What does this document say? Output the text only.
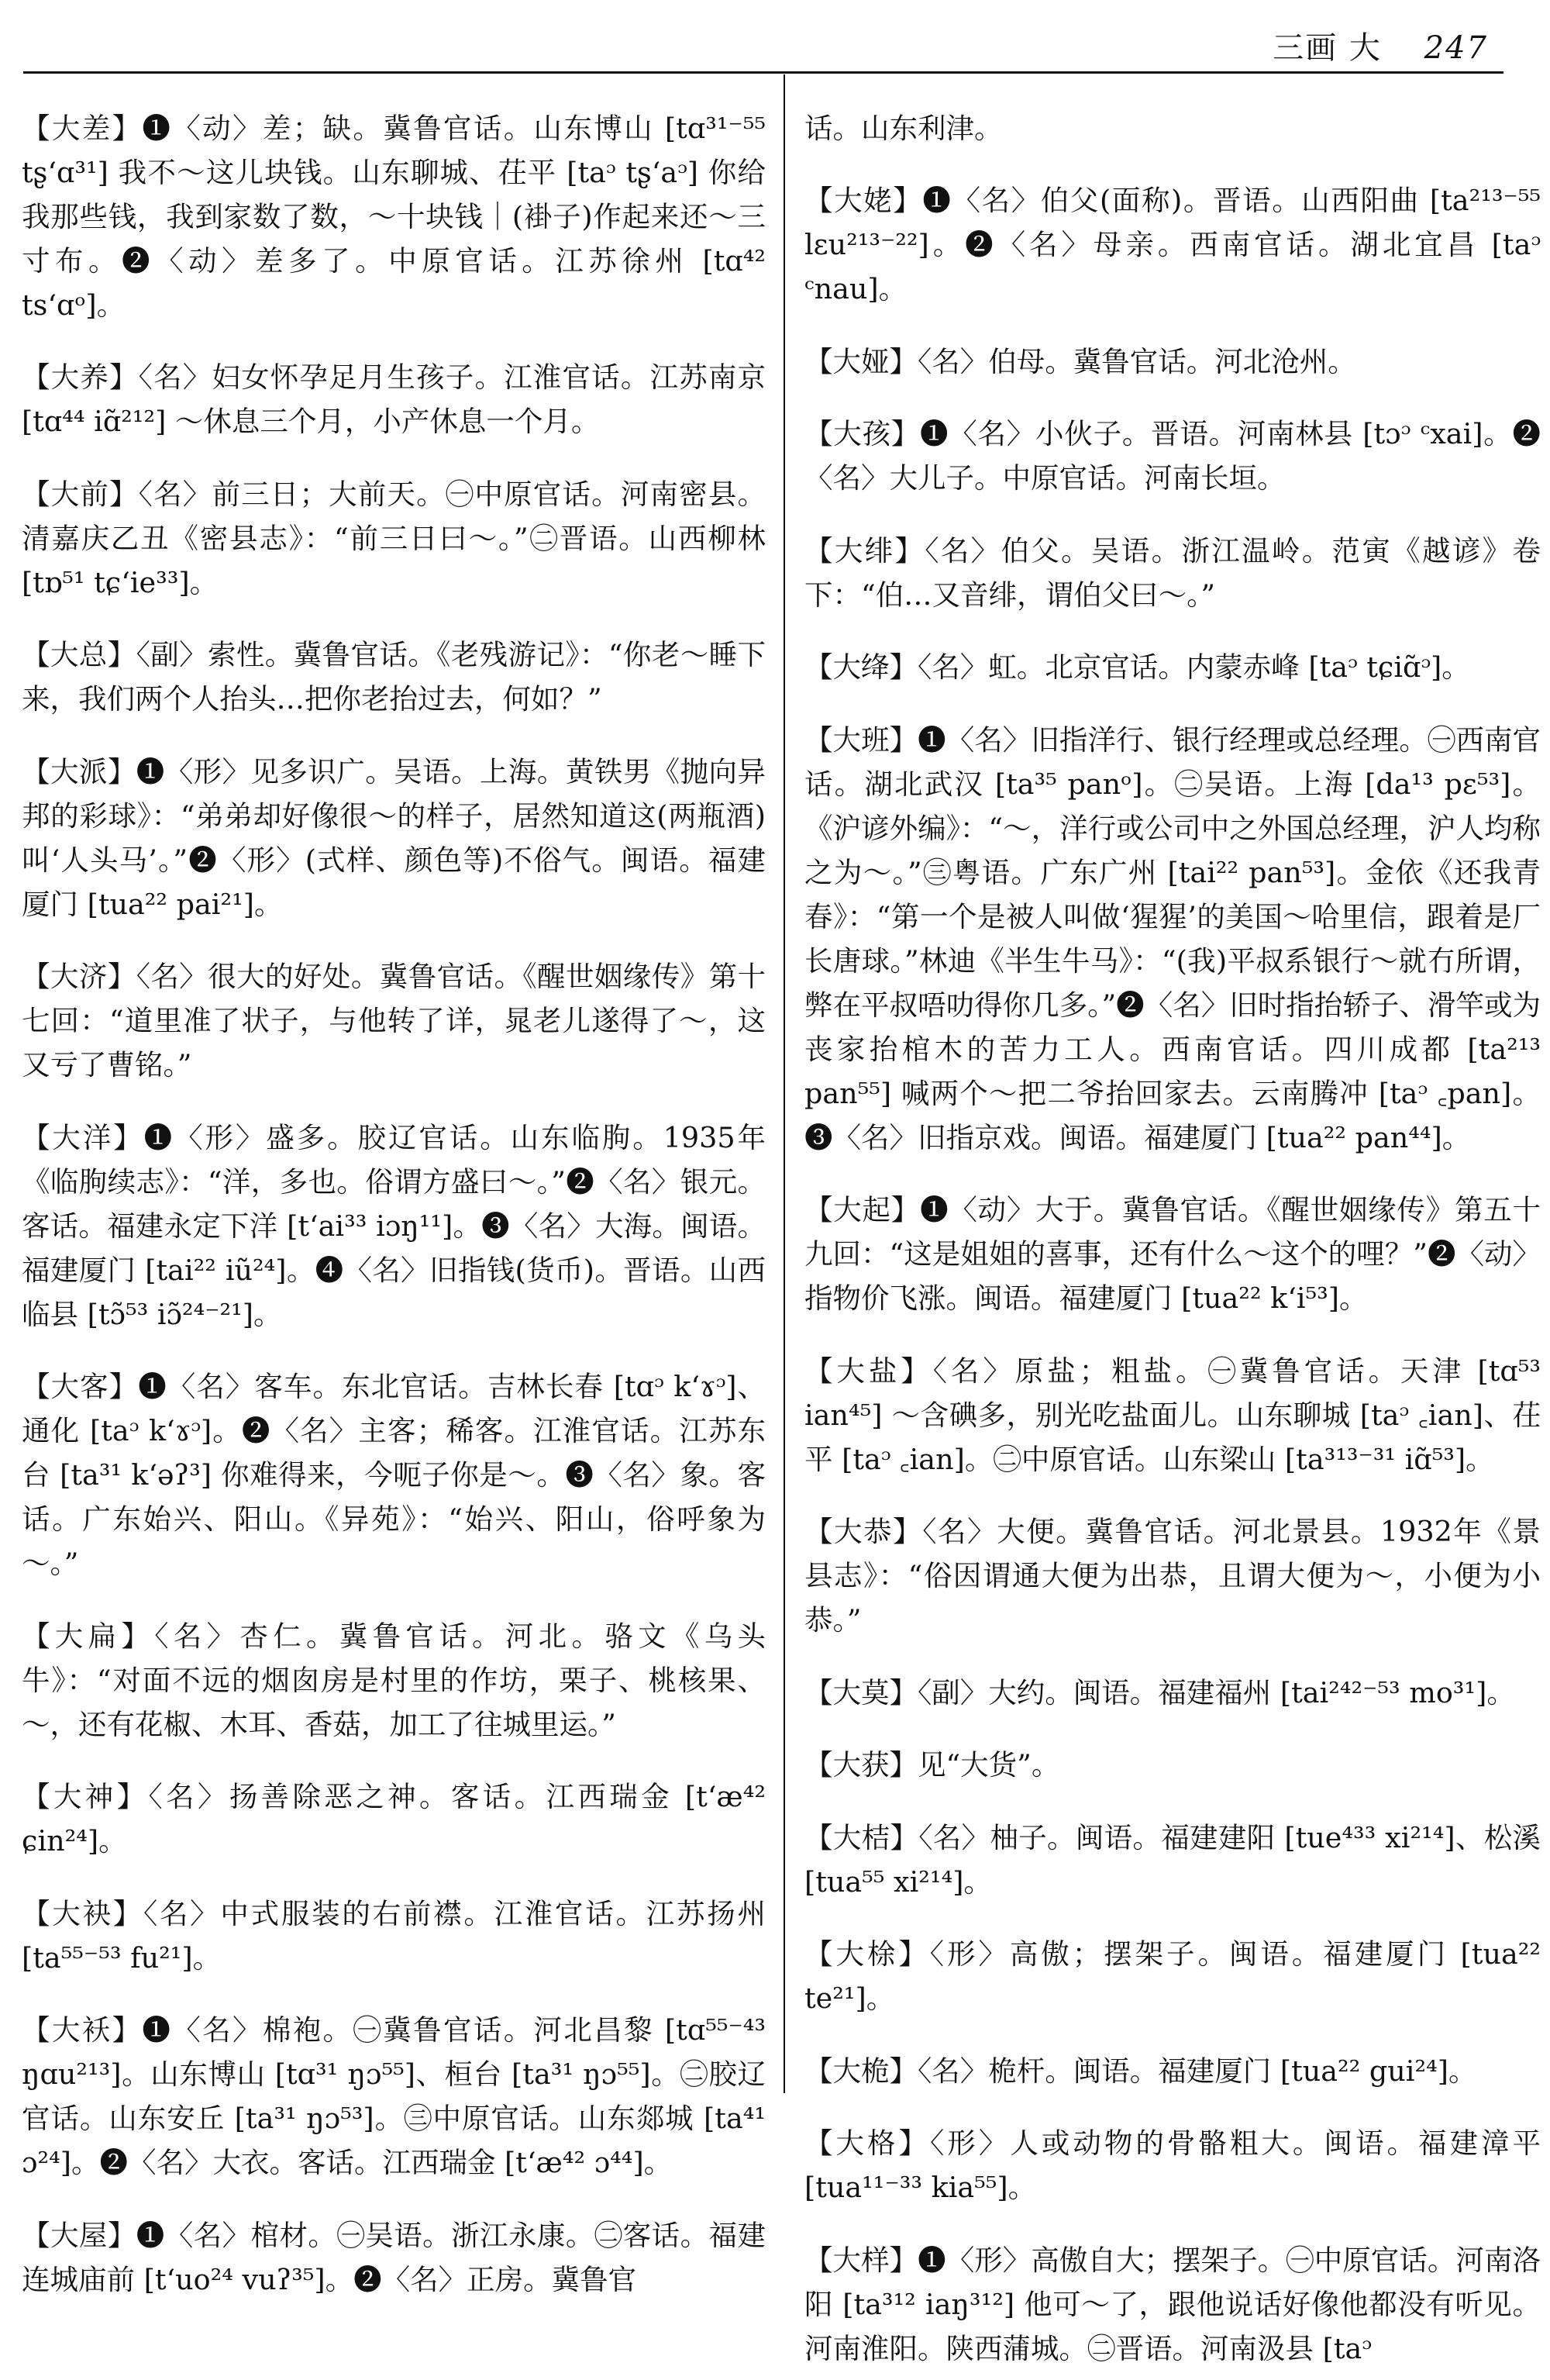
三画 大 247

【大差】❶〈动〉差；缺。冀鲁官话。山东博山 [tɑ³¹⁻⁵⁵ tʂʻɑ³¹] 我不～这儿块钱。山东聊城、茌平 [taᵓ tʂʻaᵓ] 你给我那些钱，我到家数了数，～十块钱｜(褂子)作起来还～三寸布。❷〈动〉差多了。中原官话。江苏徐州 [tɑ⁴² tsʻɑᵒ]。

【大养】〈名〉妇女怀孕足月生孩子。江淮官话。江苏南京 [tɑ⁴⁴ iɑ̃²¹²] ～休息三个月，小产休息一个月。

【大前】〈名〉前三日；大前天。㊀中原官话。河南密县。清嘉庆乙丑《密县志》：“前三日曰～。”㊁晋语。山西柳林 [tɒ⁵¹ tɕʻie³³]。

【大总】〈副〉索性。冀鲁官话。《老残游记》：“你老～睡下来，我们两个人抬头…把你老抬过去，何如？”

【大派】❶〈形〉见多识广。吴语。上海。黄铁男《抛向异邦的彩球》：“弟弟却好像很～的样子，居然知道这(两瓶酒)叫‘人头马’。”❷〈形〉(式样、颜色等)不俗气。闽语。福建厦门 [tua²² pai²¹]。

【大济】〈名〉很大的好处。冀鲁官话。《醒世姻缘传》第十七回：“道里准了状子，与他转了详，晁老儿遂得了～，这又亏了曹铭。”

【大洋】❶〈形〉盛多。胶辽官话。山东临朐。1935年《临朐续志》：“洋，多也。俗谓方盛曰～。”❷〈名〉银元。客话。福建永定下洋 [tʻai³³ iɔŋ¹¹]。❸〈名〉大海。闽语。福建厦门 [tai²² iũ²⁴]。❹〈名〉旧指钱(货币)。晋语。山西临县 [tɔ̃⁵³ iɔ̃²⁴⁻²¹]。

【大客】❶〈名〉客车。东北官话。吉林长春 [tɑᵓ kʻɤᵓ]、通化 [taᵓ kʻɤᵓ]。❷〈名〉主客；稀客。江淮官话。江苏东台 [ta³¹ kʻəʔ³] 你难得来，今呃子你是～。❸〈名〉象。客话。广东始兴、阳山。《异苑》：“始兴、阳山，俗呼象为～。”

【大扁】〈名〉杏仁。冀鲁官话。河北。骆文《乌头牛》：“对面不远的烟囱房是村里的作坊，栗子、桃核果、～，还有花椒、木耳、香菇，加工了往城里运。”

【大神】〈名〉扬善除恶之神。客话。江西瑞金 [tʻæ⁴² ɕin²⁴]。

【大袂】〈名〉中式服装的右前襟。江淮官话。江苏扬州 [ta⁵⁵⁻⁵³ fu²¹]。

【大袄】❶〈名〉棉袍。㊀冀鲁官话。河北昌黎 [tɑ⁵⁵⁻⁴³ ŋɑu²¹³]。山东博山 [tɑ³¹ ŋɔ⁵⁵]、桓台 [ta³¹ ŋɔ⁵⁵]。㊁胶辽官话。山东安丘 [ta³¹ ŋɔ⁵³]。㊂中原官话。山东郯城 [ta⁴¹ ɔ²⁴]。❷〈名〉大衣。客话。江西瑞金 [tʻæ⁴² ɔ⁴⁴]。

【大屋】❶〈名〉棺材。㊀吴语。浙江永康。㊁客话。福建连城庙前 [tʻuo²⁴ vuʔ³⁵]。❷〈名〉正房。冀鲁官

话。山东利津。

【大姥】❶〈名〉伯父(面称)。晋语。山西阳曲 [ta²¹³⁻⁵⁵ lɛu²¹³⁻²²]。❷〈名〉母亲。西南官话。湖北宜昌 [taᵓ ᶜnau]。

【大娅】〈名〉伯母。冀鲁官话。河北沧州。

【大孩】❶〈名〉小伙子。晋语。河南林县 [tɔᵓ ᶜxai]。❷〈名〉大儿子。中原官话。河南长垣。

【大绯】〈名〉伯父。吴语。浙江温岭。范寅《越谚》卷下：“伯…又音绯，谓伯父曰～。”

【大绛】〈名〉虹。北京官话。内蒙赤峰 [taᵓ tɕiɑ̃ᵓ]。

【大班】❶〈名〉旧指洋行、银行经理或总经理。㊀西南官话。湖北武汉 [ta³⁵ panᵒ]。㊁吴语。上海 [da¹³ pɛ⁵³]。《沪谚外编》：“～，洋行或公司中之外国总经理，沪人均称之为～。”㊂粤语。广东广州 [tai²² pan⁵³]。金依《还我青春》：“第一个是被人叫做‘猩猩’的美国～哈里信，跟着是厂长唐球。”林迪《半生牛马》：“(我)平叔系银行～就冇所谓，弊在平叔唔叻得你几多。”❷〈名〉旧时指抬轿子、滑竿或为丧家抬棺木的苦力工人。西南官话。四川成都 [ta²¹³ pan⁵⁵] 喊两个～把二爷抬回家去。云南腾冲 [taᵓ ꜀pan]。❸〈名〉旧指京戏。闽语。福建厦门 [tua²² pan⁴⁴]。

【大起】❶〈动〉大于。冀鲁官话。《醒世姻缘传》第五十九回：“这是姐姐的喜事，还有什么～这个的哩？”❷〈动〉指物价飞涨。闽语。福建厦门 [tua²² kʻi⁵³]。

【大盐】〈名〉原盐；粗盐。㊀冀鲁官话。天津 [tɑ⁵³ ian⁴⁵] ～含碘多，别光吃盐面儿。山东聊城 [taᵓ ꜀ian]、茌平 [taᵓ ꜀ian]。㊁中原官话。山东梁山 [ta³¹³⁻³¹ iɑ̃⁵³]。

【大恭】〈名〉大便。冀鲁官话。河北景县。1932年《景县志》：“俗因谓通大便为出恭，且谓大便为～，小便为小恭。”

【大莫】〈副〉大约。闽语。福建福州 [tai²⁴²⁻⁵³ mo³¹]。

【大获】见“大货”。

【大桔】〈名〉柚子。闽语。福建建阳 [tue⁴³³ xi²¹⁴]、松溪 [tua⁵⁵ xi²¹⁴]。

【大梌】〈形〉高傲；摆架子。闽语。福建厦门 [tua²² te²¹]。

【大桅】〈名〉桅杆。闽语。福建厦门 [tua²² gui²⁴]。

【大格】〈形〉人或动物的骨骼粗大。闽语。福建漳平 [tua¹¹⁻³³ kia⁵⁵]。

【大样】❶〈形〉高傲自大；摆架子。㊀中原官话。河南洛阳 [ta³¹² iaŋ³¹²] 他可～了，跟他说话好像他都没有听见。河南淮阳。陕西蒲城。㊁晋语。河南汲县 [taᵓ
